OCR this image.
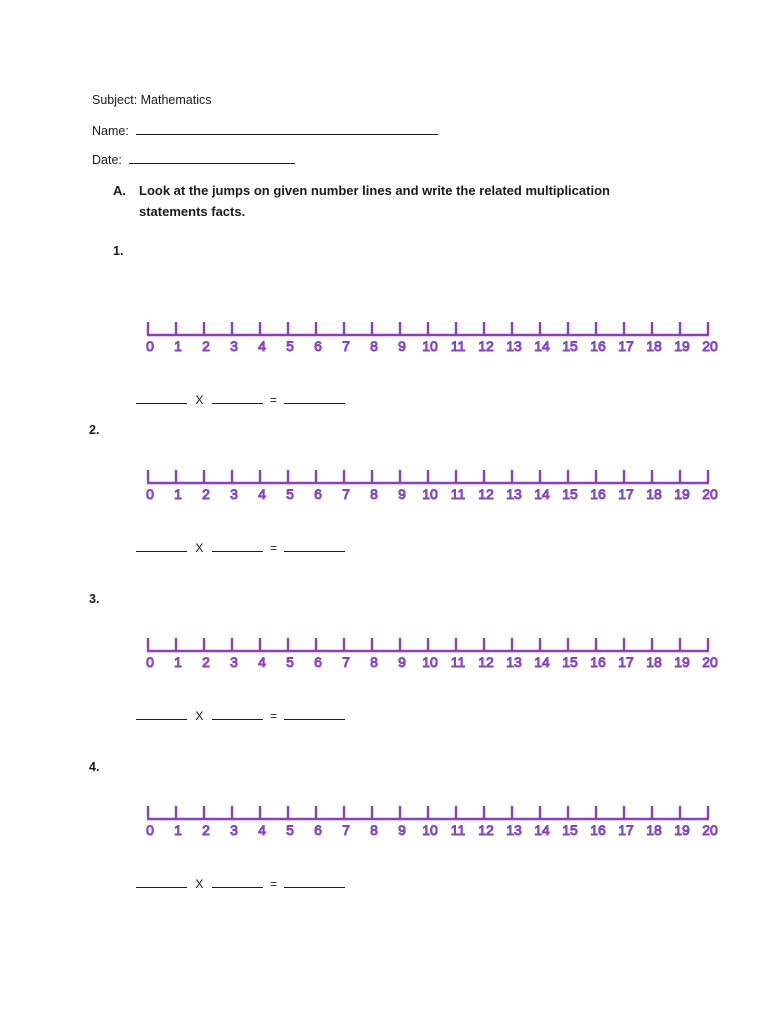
Subject: Mathematics
Name:
Date:
A. Look at the jumps on given number lines and write the related multiplication
statements facts.
1.
0 1 2 3 4 5 6 7 8 9 10 11 12 13 14 15 16 17 18 19 20
X	=
2.
0 1 2 3 4 5 6 7 8 9 10 11 12 13 14 15 16 17 18 19 20
X	=
3.
0 1 2 3 4 5 6 7 8 9 10 11 12 13 14 15 16 17 18 19 20
X	=
4.
0 1 2 3 4 5 6 7 8 9 10 11 12 13 14 15 16 17 18 19 20
X	=
